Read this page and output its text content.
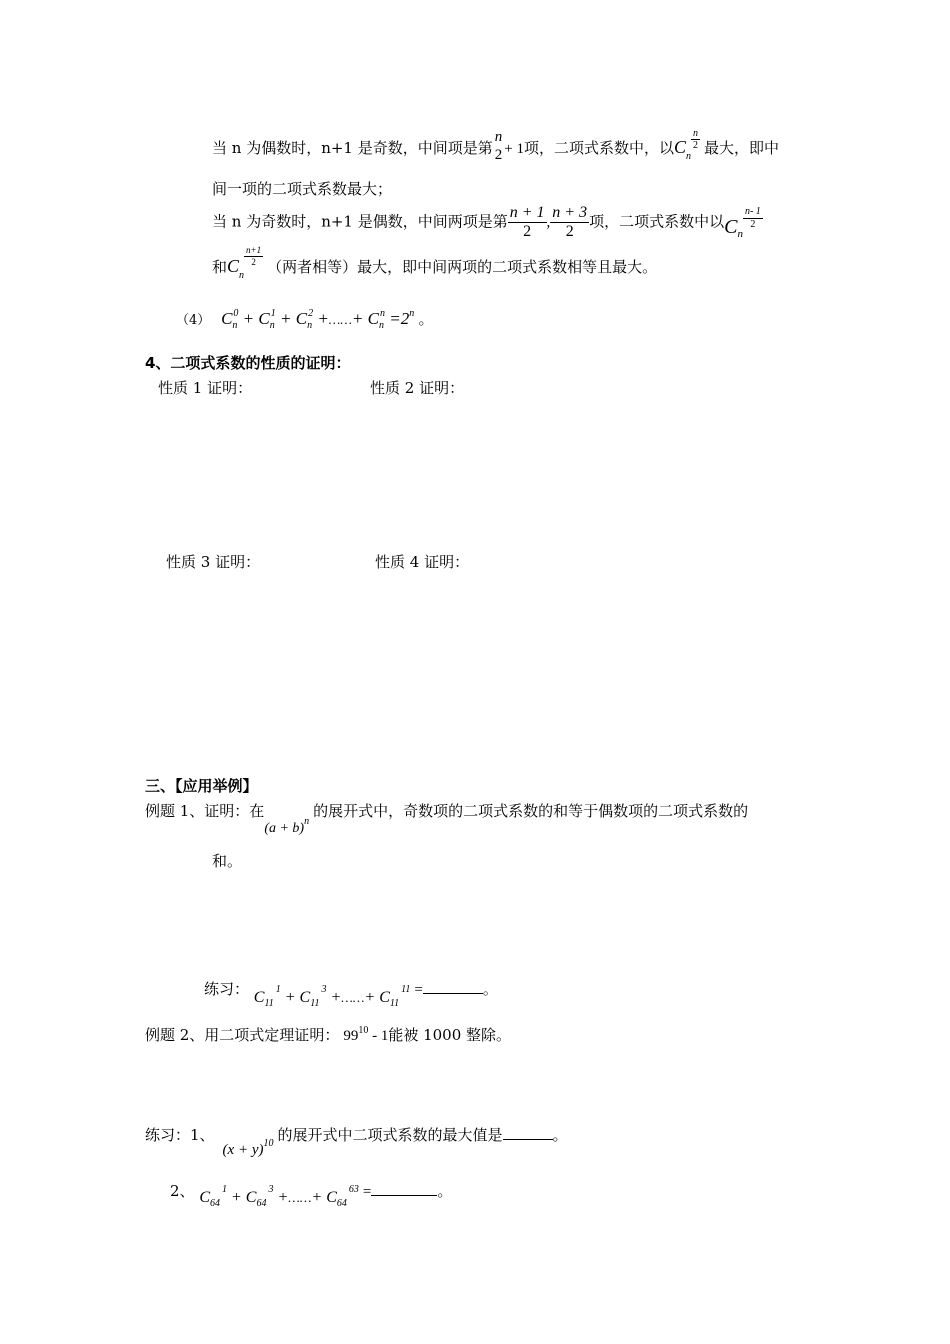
当 n 为偶数时，n+1 是奇数，中间项是第
n
2 + 1项，二项式系数中，以$C_n$
$\frac{n}{2}$ 最大，即中
间一项的二项式系数最大；
当 n 为奇数时，n+1 是偶数，中间两项是第 $\frac{n + 1}{2}$ , $\frac{n + 3}{2}$ 项，二项式系数中以$C_n$
$\frac{n- 1}{2}$
和$C_n$
$\frac{n+1}{2}$ （两者相等）最大，即中间两项的二项式系数相等且最大。
（4） $C_n^0 + C_n^1 + C_n^2$ +……+ $C_n^n =2^n$ 。
4、二项式系数的性质的证明：
性质 1 证明：	性质 2 证明：
性质 3 证明：	性质 4 证明：
三、【应用举例】
例题 1、证明：在$(a + b)^n$的展开式中，奇数项的二项式系数的和等于偶数项的二项式系数的
和。
练习： $C_{11}^1 + C_{11}^3$ +……+ $C_{11}^{11}$ =	。
例题 2、用二项式定理证明： $99^{10} - 1$能被 1000 整除。
练习：1、$(x + y)^{10}$ 的展开式中二项式系数的最大值是	。
2、 $C_{64}^1 + C_{64}^3$ +……+ $C_{64}^{63}$ =	。
